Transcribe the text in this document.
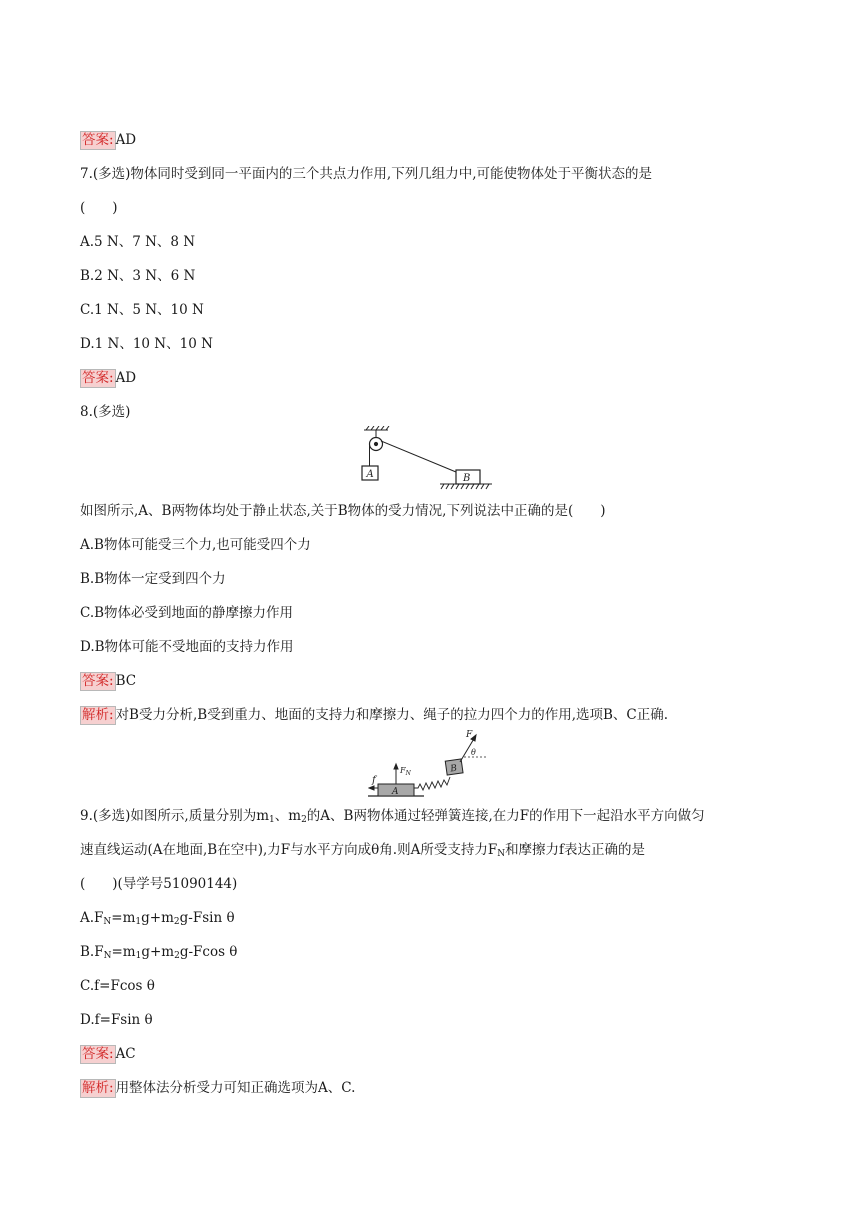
答案: AD
7.(多选)物体同时受到同一平面内的三个共点力作用,下列几组力中,可能使物体处于平衡状态的是
(　　)
A.5 N、7 N、8 N
B.2 N、3 N、6 N
C.1 N、5 N、10 N
D.1 N、10 N、10 N
答案: AD
8.(多选)
A	B
如图所示,A、B两物体均处于静止状态,关于B物体的受力情况,下列说法中正确的是(　　)
A.B物体可能受三个力,也可能受四个力
B.B物体一定受到四个力
C.B物体必受到地面的静摩擦力作用
D.B物体可能不受地面的支持力作用
答案: BC
解析: 对B受力分析,B受到重力、地面的支持力和摩擦力、绳子的拉力四个力的作用,选项B、C正确.
f
A
$F_N$	B
F
θ
9.(多选)如图所示,质量分别为$m_1$、$m_2$的A、B两物体通过轻弹簧连接,在力F的作用下一起沿水平方向做匀
速直线运动(A在地面,B在空中),力F与水平方向成θ角.则A所受支持力$F_N$和摩擦力f表达正确的是
(　　)(导学号51090144)
$A.F_N=m_1g+m_2g$-Fsin θ
$B.F_N=m_1g+m_2g$-Fcos θ
C.f=Fcos θ
D.f=Fsin θ
答案: AC
解析: 用整体法分析受力可知正确选项为A、C.
